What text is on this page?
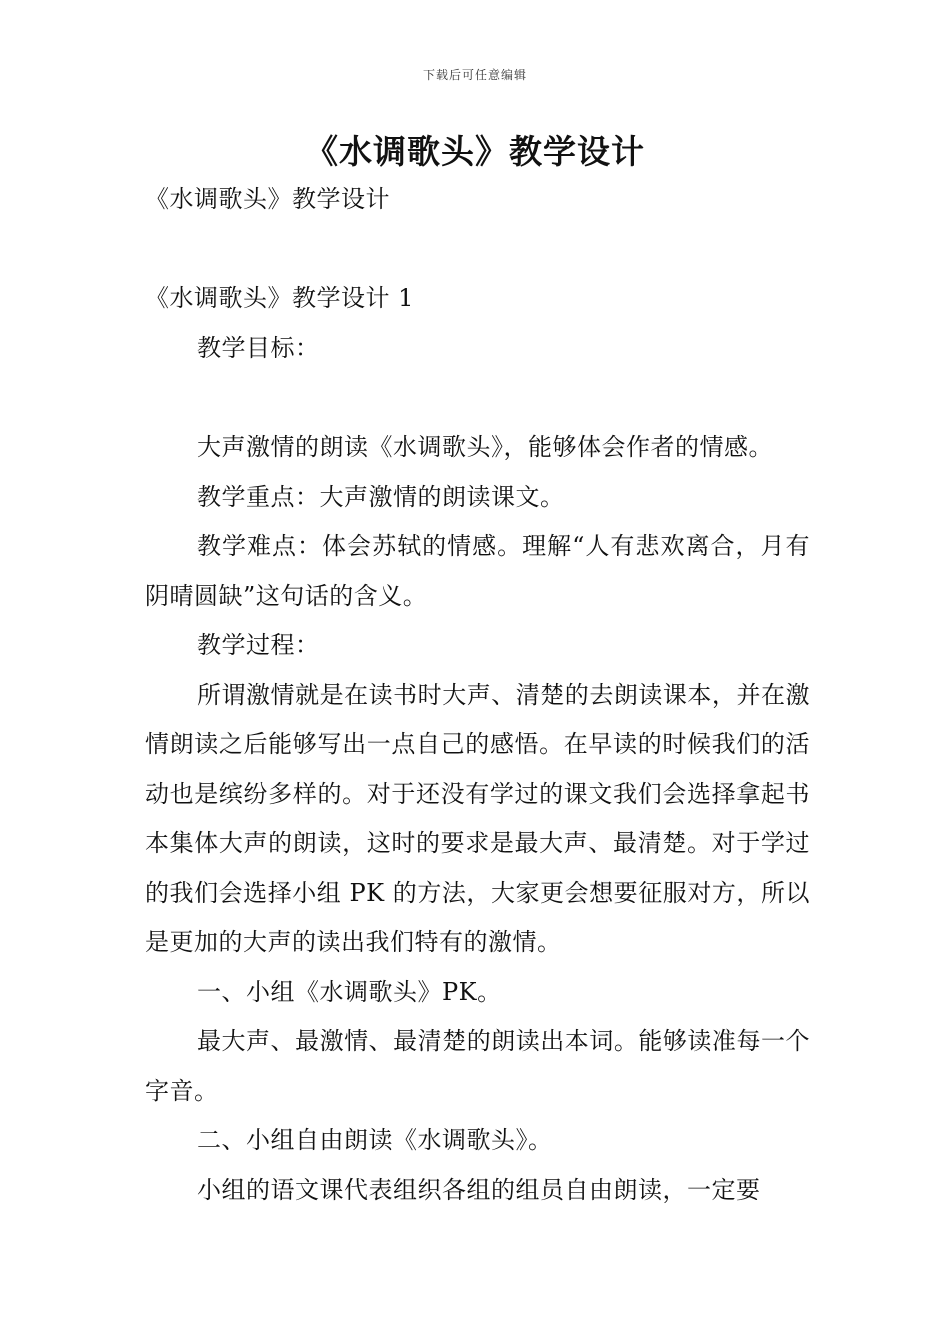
下载后可任意编辑
《水调歌头》教学设计

《水调歌头》教学设计

《水调歌头》教学设计 1

教学目标：

大声激情的朗读《水调歌头》，能够体会作者的情感。

教学重点：大声激情的朗读课文。

教学难点：体会苏轼的情感。理解“人有悲欢离合，月有阴晴圆缺”这句话的含义。

教学过程：

所谓激情就是在读书时大声、清楚的去朗读课本，并在激情朗读之后能够写出一点自己的感悟。在早读的时候我们的活动也是缤纷多样的。对于还没有学过的课文我们会选择拿起书本集体大声的朗读，这时的要求是最大声、最清楚。对于学过的我们会选择小组 PK 的方法，大家更会想要征服对方，所以是更加的大声的读出我们特有的激情。

一、小组《水调歌头》PK。

最大声、最激情、最清楚的朗读出本词。能够读准每一个字音。

二、小组自由朗读《水调歌头》。

小组的语文课代表组织各组的组员自由朗读，一定要
